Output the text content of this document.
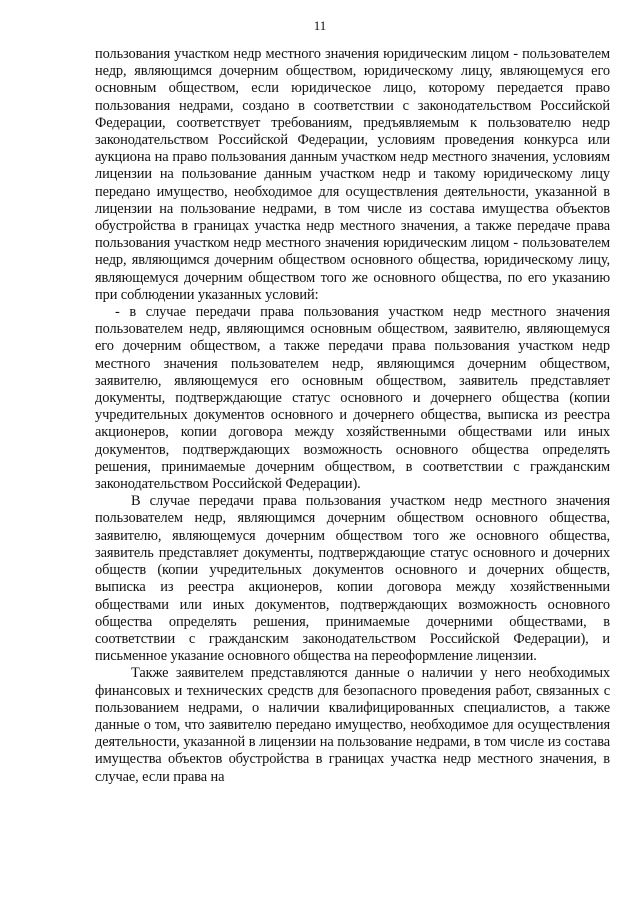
11

пользования участком недр местного значения юридическим лицом - пользователем недр, являющимся дочерним обществом, юридическому лицу, являющемуся его основным обществом, если юридическое лицо, которому передается право пользования недрами, создано в соответствии с законодательством Российской Федерации, соответствует требованиям, предъявляемым к пользователю недр законодательством Российской Федерации, условиям проведения конкурса или аукциона на право пользования данным участком недр местного значения, условиям лицензии на пользование данным участком недр и такому юридическому лицу передано имущество, необходимое для осуществления деятельности, указанной в лицензии на пользование недрами, в том числе из состава имущества объектов обустройства в границах участка недр местного значения, а также передаче права пользования участком недр местного значения юридическим лицом - пользователем недр, являющимся дочерним обществом основного общества, юридическому лицу, являющемуся дочерним обществом того же основного общества, по его указанию при соблюдении указанных условий:

- в случае передачи права пользования участком недр местного значения пользователем недр, являющимся основным обществом, заявителю, являющемуся его дочерним обществом, а также передачи права пользования участком недр местного значения пользователем недр, являющимся дочерним обществом, заявителю, являющемуся его основным обществом, заявитель представляет документы, подтверждающие статус основного и дочернего общества (копии учредительных документов основного и дочернего общества, выписка из реестра акционеров, копии договора между хозяйственными обществами или иных документов, подтверждающих возможность основного общества определять решения, принимаемые дочерним обществом, в соответствии с гражданским законодательством Российской Федерации).

В случае передачи права пользования участком недр местного значения пользователем недр, являющимся дочерним обществом основного общества, заявителю, являющемуся дочерним обществом того же основного общества, заявитель представляет документы, подтверждающие статус основного и дочерних обществ (копии учредительных документов основного и дочерних обществ, выписка из реестра акционеров, копии договора между хозяйственными обществами или иных документов, подтверждающих возможность основного общества определять решения, принимаемые дочерними обществами, в соответствии с гражданским законодательством Российской Федерации), и письменное указание основного общества на переоформление лицензии.

Также заявителем представляются данные о наличии у него необходимых финансовых и технических средств для безопасного проведения работ, связанных с пользованием недрами, о наличии квалифицированных специалистов, а также данные о том, что заявителю передано имущество, необходимое для осуществления деятельности, указанной в лицензии на пользование недрами, в том числе из состава имущества объектов обустройства в границах участка недр местного значения, в случае, если права на
